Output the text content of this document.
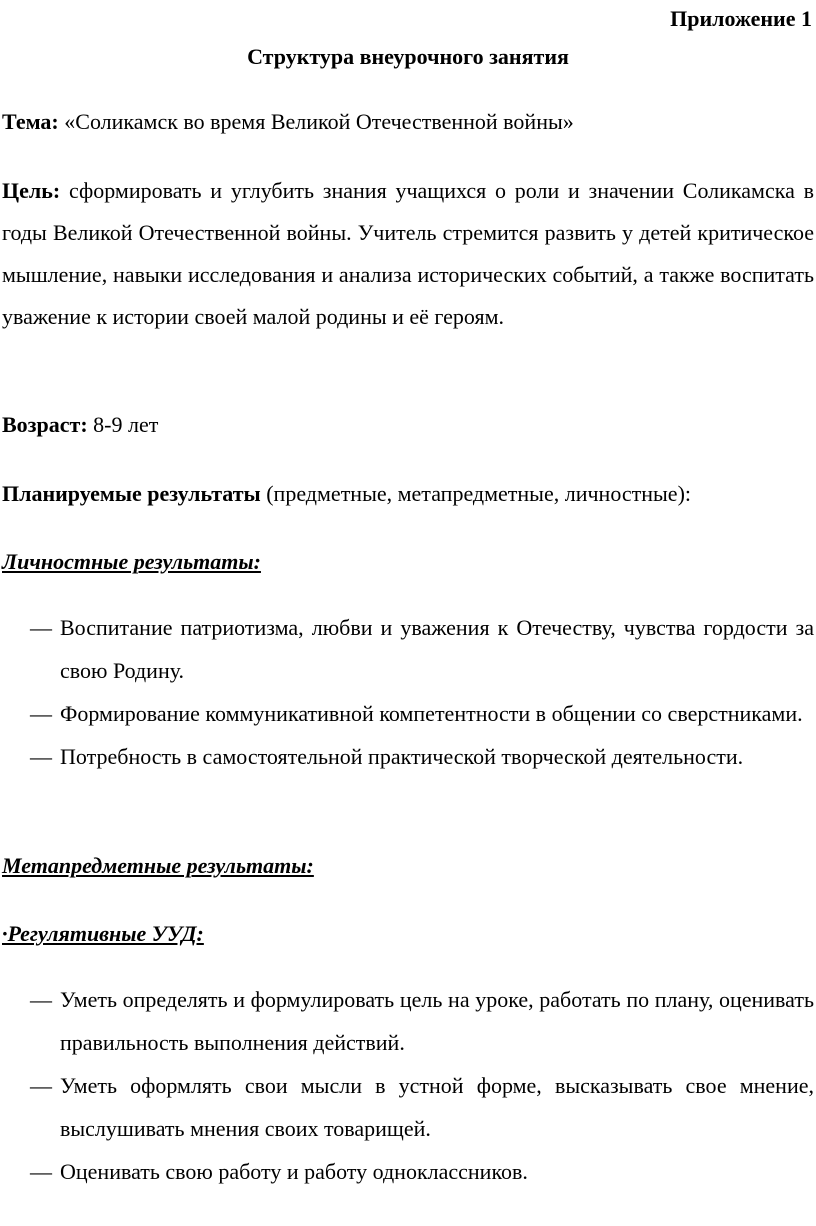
Приложение 1
Структура внеурочного занятия

Тема: «Соликамск во время Великой Отечественной войны»

Цель: сформировать и углубить знания учащихся о роли и значении Соликамска в годы Великой Отечественной войны. Учитель стремится развить у детей критическое мышление, навыки исследования и анализа исторических событий, а также воспитать уважение к истории своей малой родины и её героям.

Возраст: 8-9 лет

Планируемые результаты (предметные, метапредметные, личностные):

Личностные результаты:
— Воспитание патриотизма, любви и уважения к Отечеству, чувства гордости за свою Родину.
— Формирование коммуникативной компетентности в общении со сверстниками.
— Потребность в самостоятельной практической творческой деятельности.
Метапредметные результаты:
·Регулятивные УУД:
— Уметь определять и формулировать цель на уроке, работать по плану, оценивать правильность выполнения действий.
— Уметь оформлять свои мысли в устной форме, высказывать свое мнение, выслушивать мнения своих товарищей.
— Оценивать свою работу и работу одноклассников.
